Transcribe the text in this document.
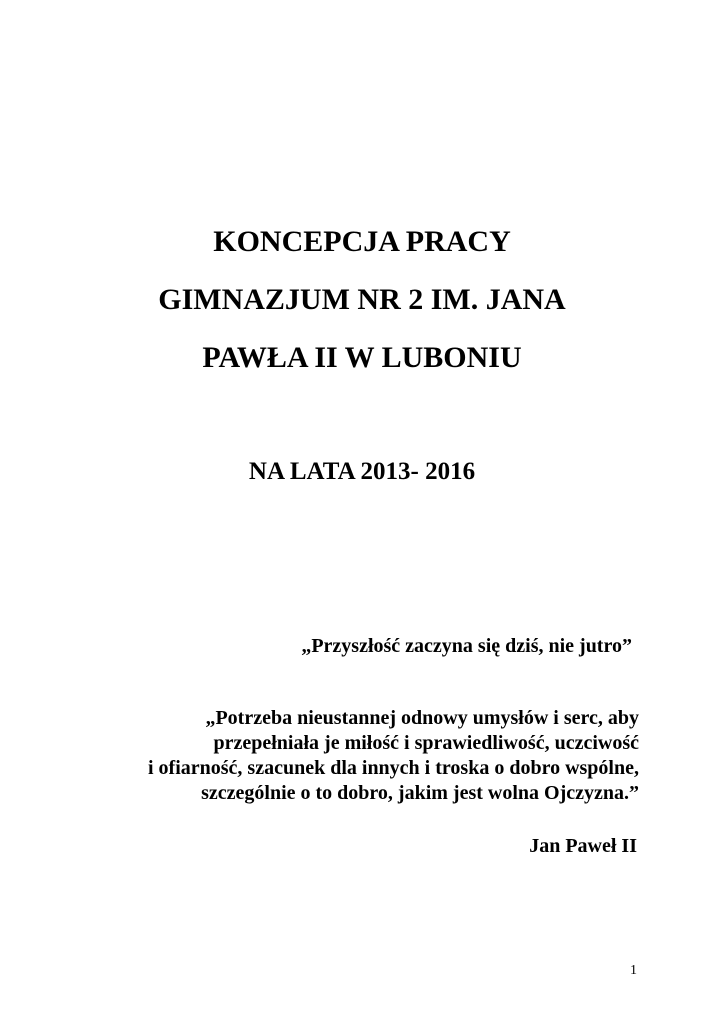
KONCEPCJA PRACY
GIMNAZJUM NR 2 IM. JANA
PAWŁA II W LUBONIU
NA LATA 2013- 2016
„Przyszłość zaczyna się dziś, nie jutro”
„Potrzeba nieustannej odnowy umysłów i serc, aby
przepełniała je miłość i sprawiedliwość, uczciwość
i ofiarność, szacunek dla innych i troska o dobro wspólne,
szczególnie o to dobro, jakim jest wolna Ojczyzna.”
Jan Paweł II
1
